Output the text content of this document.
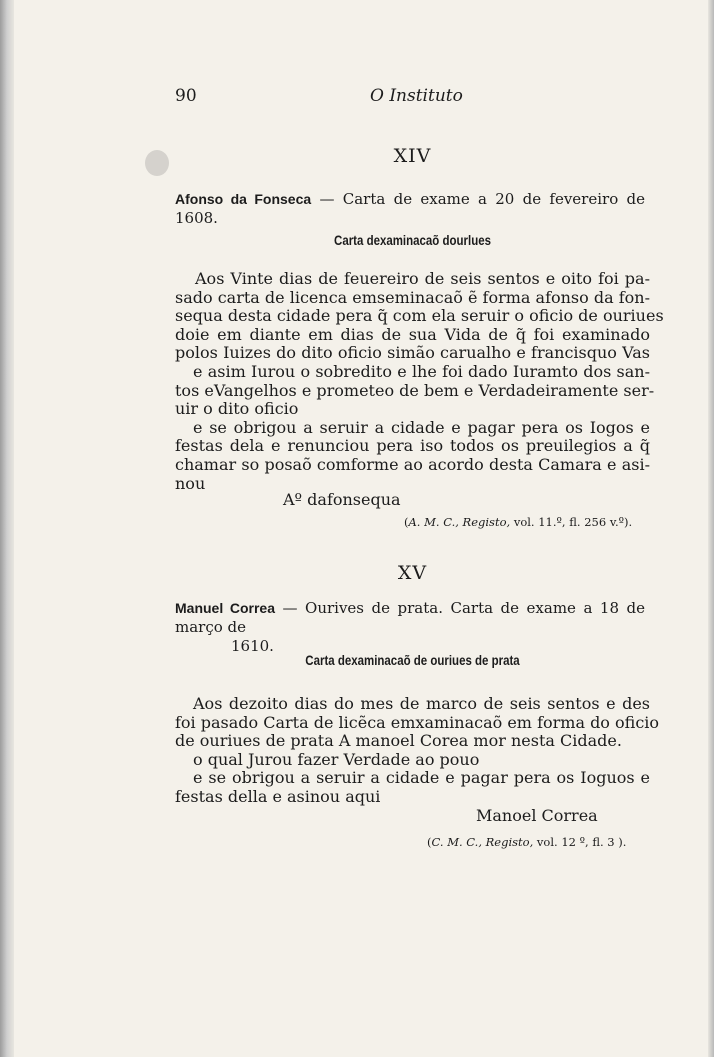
90	O Instituto
XIV
Afonso da Fonseca — Carta de exame a 20 de fevereiro de 1608.
Carta dexaminacaõ dourlues
Aos Vinte dias de feuereiro de seis sentos e oito foi pa-
sado carta de licenca emseminacaõ ẽ forma afonso da fon-
sequa desta cidade pera q̃ com ela seruir o oficio de ouriues
doie em diante em dias de sua Vida de q̃ foi examinado
polos Iuizes do dito oficio simão carualho e francisquo Vas
e asim Iurou o sobredito e lhe foi dado Iuramto dos san-
tos eVangelhos e prometeo de bem e Verdadeiramente ser-
uir o dito oficio
e se obrigou a seruir a cidade e pagar pera os Iogos e
festas dela e renunciou pera iso todos os preuilegios a q̃
chamar so posaõ comforme ao acordo desta Camara e asi-
nou
Aº dafonsequa
(A. M. C., Registo, vol. 11.º, fl. 256 v.º).
XV
Manuel Correa — Ourives de prata. Carta de exame a 18 de março de
1610.
Carta dexaminacaõ de ouriues de prata
Aos dezoito dias do mes de marco de seis sentos e des
foi pasado Carta de licẽca emxaminacaõ em forma do oficio
de ouriues de prata A manoel Corea mor nesta Cidade.
o qual Jurou fazer Verdade ao pouo
e se obrigou a seruir a cidade e pagar pera os Ioguos e
festas della e asinou aqui
Manoel Correa
(C. M. C., Registo, vol. 12 º, fl. 3 ).
